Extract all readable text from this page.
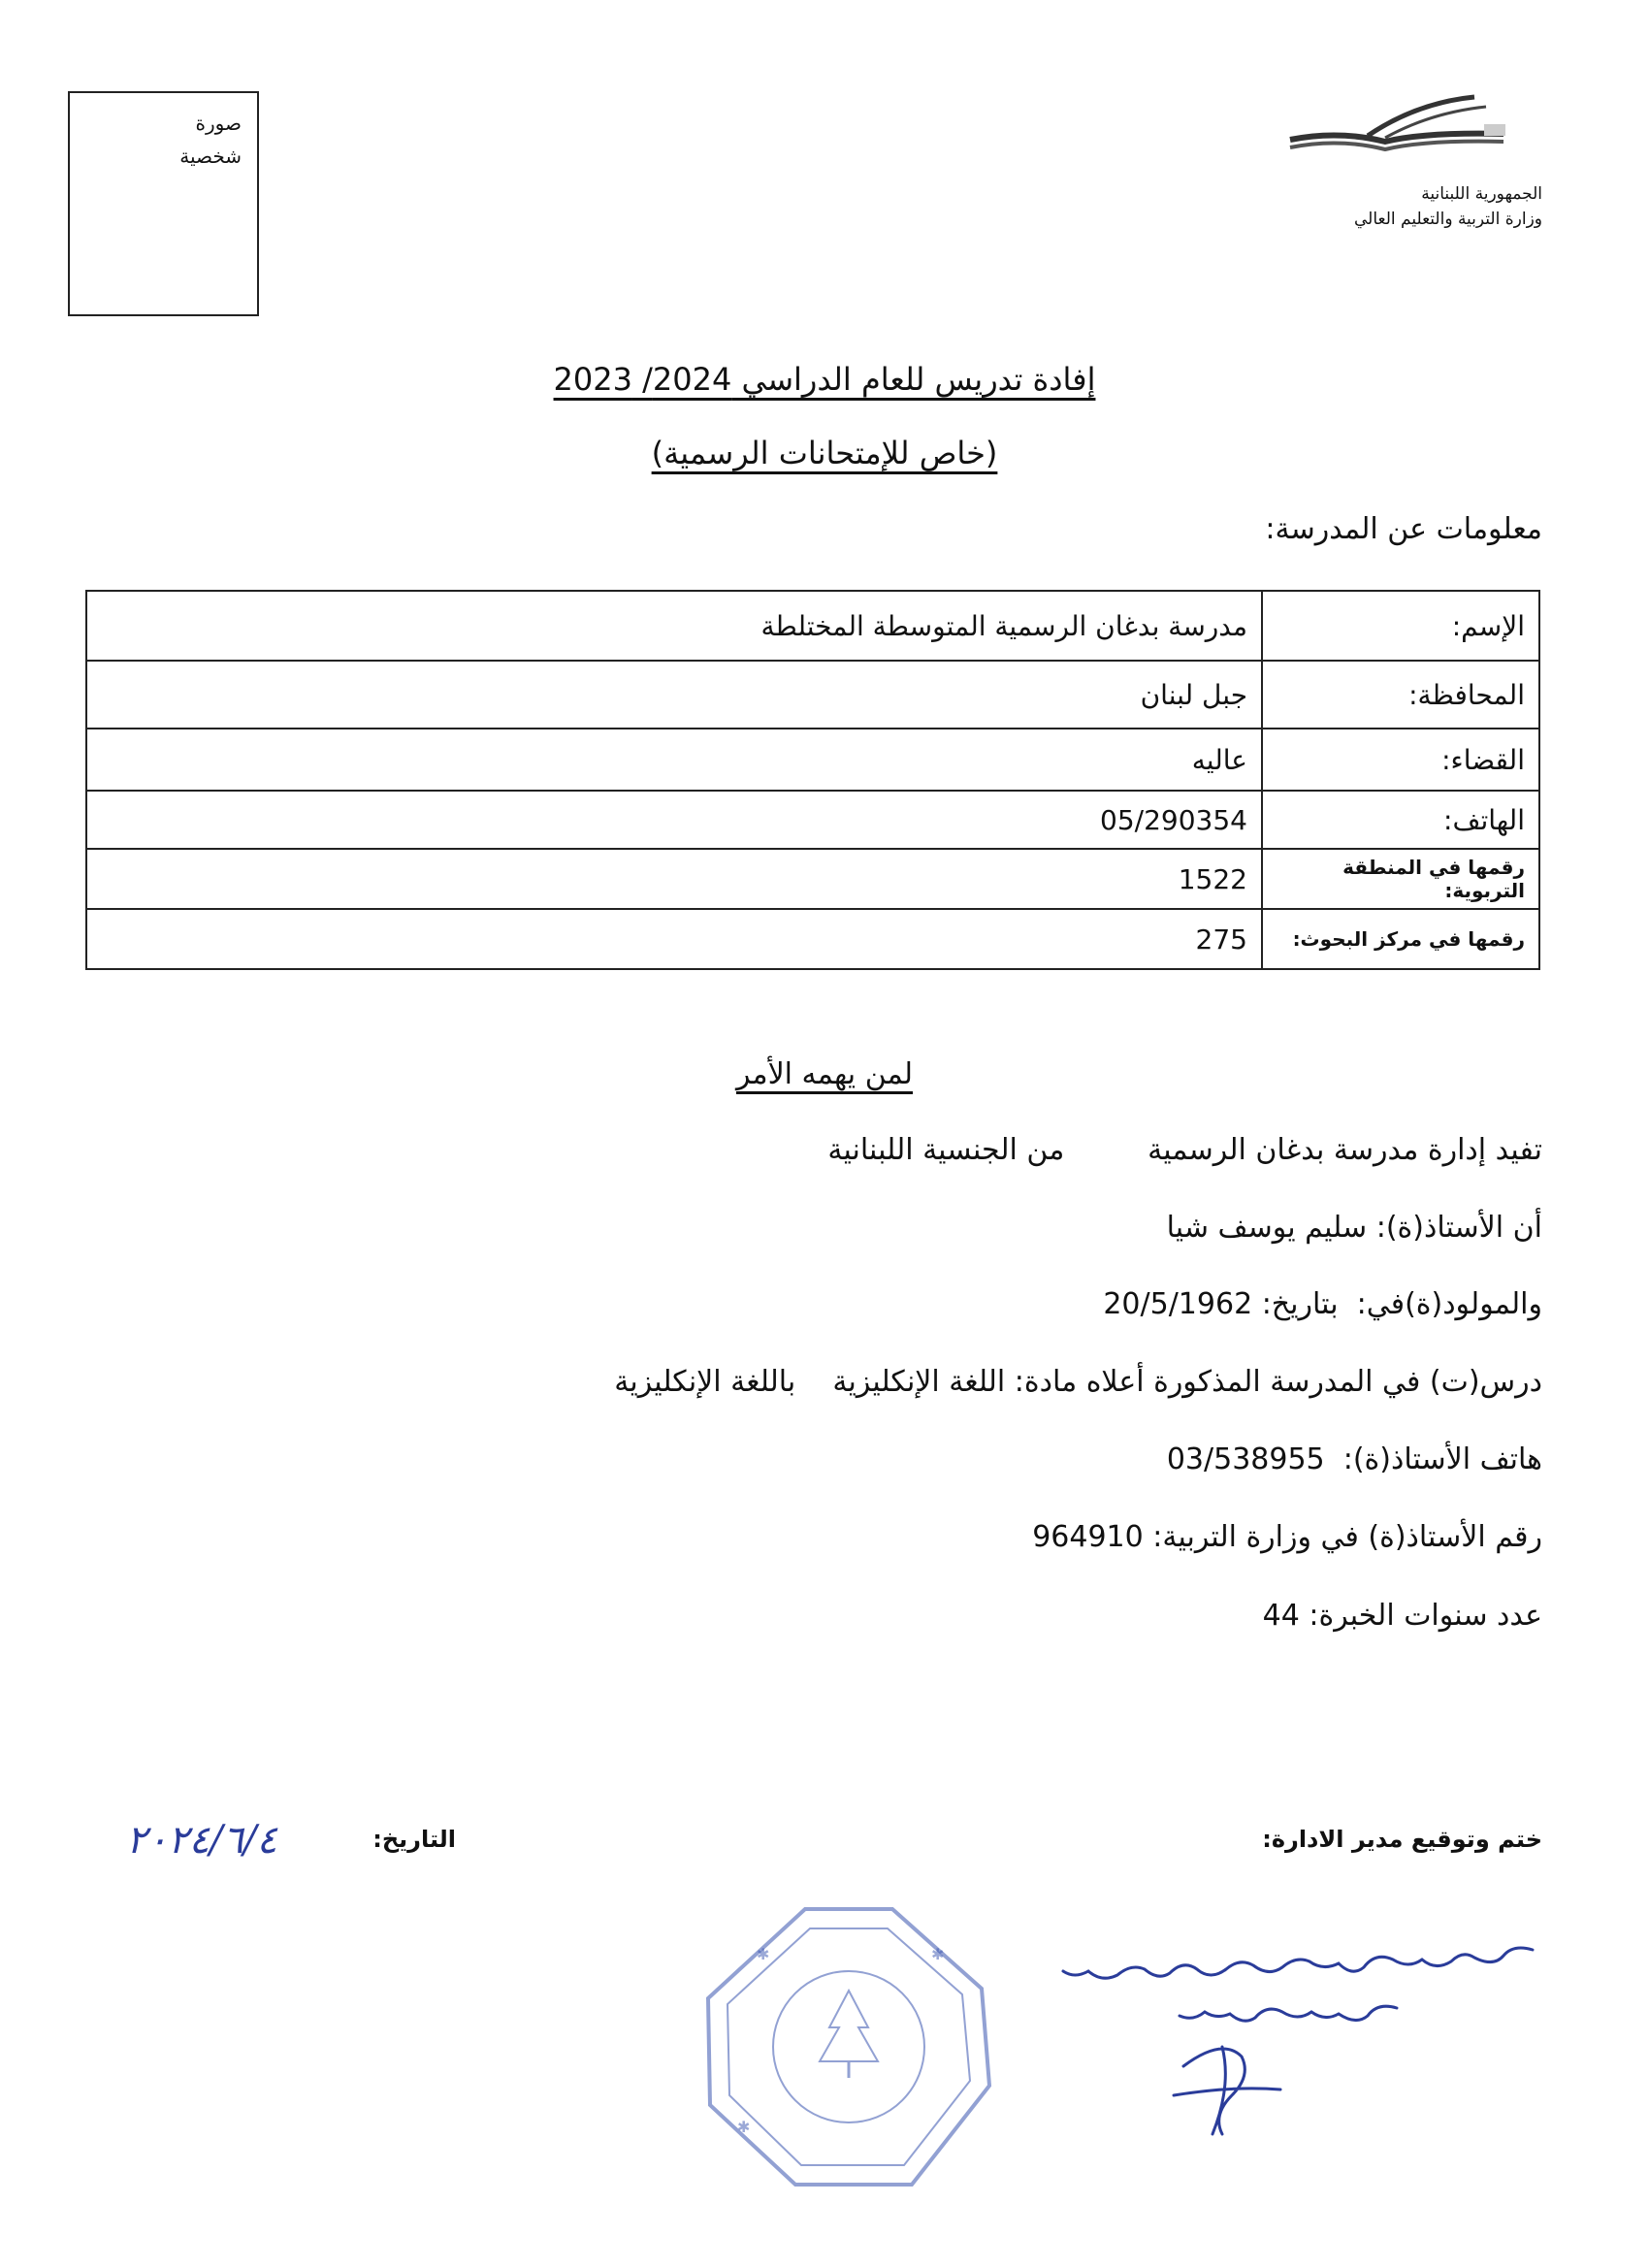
صورة
شخصية
الجمهورية اللبنانية
وزارة التربية والتعليم العالي
إفادة تدريس للعام الدراسي 2024/ 2023
(خاص للإمتحانات الرسمية)
معلومات عن المدرسة:
الإسم:	مدرسة بدغان الرسمية المتوسطة المختلطة
المحافظة:	جبل لبنان
القضاء:	عاليه
الهاتف:	05/290354
رقمها في المنطقة التربوية:	1522
رقمها في مركز البحوث:	275
لمن يهمه الأمر
تفيد إدارة مدرسة بدغان الرسمية         من الجنسية اللبنانية
أن الأستاذ(ة): سليم يوسف شيا
والمولود(ة)في:  بتاريخ: 20/5/1962
درس(ت) في المدرسة المذكورة أعلاه مادة: اللغة الإنكليزية    باللغة الإنكليزية
هاتف الأستاذ(ة):  03/538955
رقم الأستاذ(ة) في وزارة التربية: 964910
عدد سنوات الخبرة: 44
ختم وتوقيع مدير الادارة:
التاريخ:
٢٠٢٤/٦/٤
✱	✱
✱
